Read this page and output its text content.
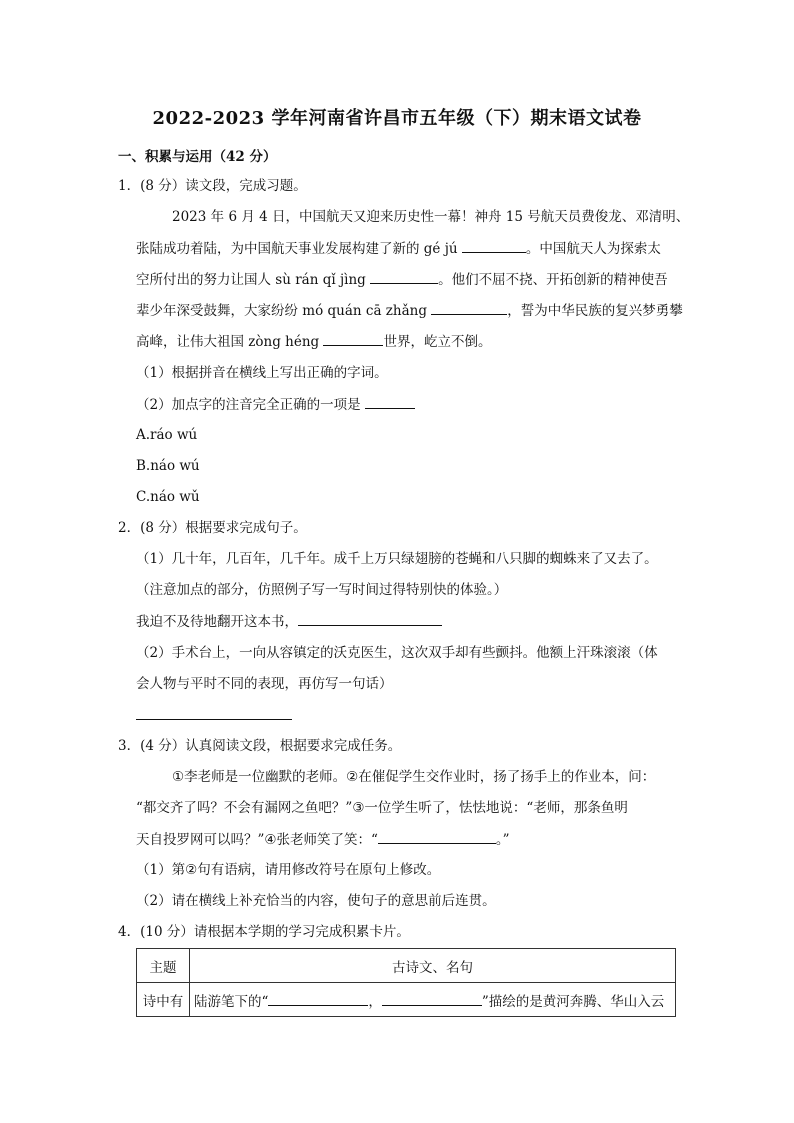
2022-2023 学年河南省许昌市五年级（下）期末语文试卷
一、积累与运用（42 分）
1．(8 分）读文段，完成习题。
2023 年 6 月 4 日，中国航天又迎来历史性一幕！神舟 15 号航天员费俊龙、邓清明、
张陆成功着陆，为中国航天事业发展构建了新的 gé jú	。中国航天人为探索太
空所付出的努力让国人 sù rán qǐ jìng	。他们不屈不挠、开拓创新的精神使吾
辈少年深受鼓舞，大家纷纷 mó quán cā zhǎng	，誓为中华民族的复兴梦勇攀
高峰，让伟大祖国 zòng héng	世界，屹立不倒。
（1）根据拼音在横线上写出正确的字词。
（2）加点字的注音完全正确的一项是
A.ráo wú
B.náo wú
C.náo wǔ
2．(8 分）根据要求完成句子。
（1）几十年，几百年，几千年。成千上万只绿翅膀的苍蝇和八只脚的蜘蛛来了又去了。
（注意加点的部分，仿照例子写一写时间过得特别快的体验。）
我迫不及待地翻开这本书，
（2）手术台上，一向从容镇定的沃克医生，这次双手却有些颤抖。他额上汗珠滚滚（体
会人物与平时不同的表现，再仿写一句话）
3．(4 分）认真阅读文段，根据要求完成任务。
①李老师是一位幽默的老师。②在催促学生交作业时，扬了扬手上的作业本，问：
“都交齐了吗？不会有漏网之鱼吧？”③一位学生听了，怯怯地说：“老师，那条鱼明
天自投罗网可以吗？”④张老师笑了笑：“	。”
（1）第②句有语病，请用修改符号在原句上修改。
（2）请在横线上补充恰当的内容，使句子的意思前后连贯。
4．(10 分）请根据本学期的学习完成积累卡片。
主题	古诗文、名句
诗中有	陆游笔下的“ ， ”描绘的是黄河奔腾、华山入云
